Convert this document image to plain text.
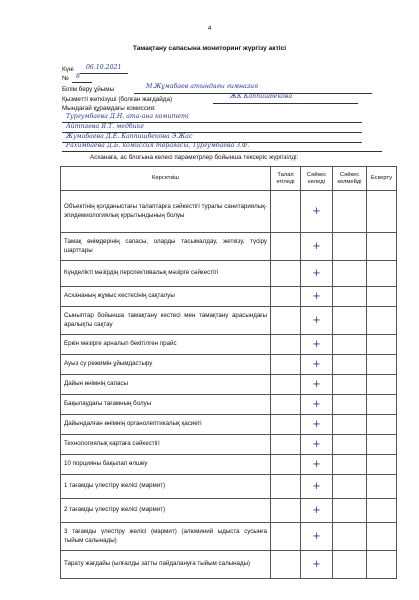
4
Тамақтану сапасына мониторинг жүргізу актісі
Күні 06.10.2021
№ 8
Білім беру ұйымы	М.Жұмабаев атындағы гимназия
Қызметті жеткізуші (болған жағдайда)	ЖК Каппишбекова
Мындағай құрамдағы комиссия:
Тургумбаева Д.Н. ата-ана комитеті
Айтпаева Я.Т. медбике
Жумабаева Д.Е. Каппишбекова Э.Жас
Рахимбаева Д.Б. комиссия төрағасы, Тургумбаева З.Ф.
Асханаға, ас блогына келесі параметрлер бойынша тексеріс жүргізілді:
Көрсеткіш	Талап етіледі	Сәйкес келеді	Сәйкес келмейді	Ескерту
Объектінің қолданыстағы талаптарға сәйкестігі туралы санитариялық-эпидемиологиялық қорытындының болуы		+		
Тамақ өнімдерінің сапасы, оларды тасымалдау, жеткізу, түсіру шарттары		+		
Күнделікті мәзірдің перспективалық мәзірге сәйкестігі		+		
Асхананың жұмыс кестесінің сақталуы		+		
Сыныптар бойынша тамақтану кестесі мен тамақтану арасындағы аралықты сақтау		+		
Еркін мәзірге арналып бекітілген прайс		+		
Ауыз су режимін ұйымдастыру		+		
Дайын өнімнің сапасы		+		
Бақылаудағы тағамның болуы		+		
Дайындалған өнімнің органолептикалық қасиеті		+		
Технологиялық картаға сәйкестігі		+		
10 порцияны бақылап өлшеу		+		
1 тағамды үлестіру желісі (мармит)		+		
2 тағамды үлестіру желісі (мармит)		+		
3 тағамды үлестіру желісі (мармит) (алюминий ыдыста сусынға тыйым салынады)		+		
Тарату жағдайы (ылғалды затты пайдалануға тыйым салынады)		+		
